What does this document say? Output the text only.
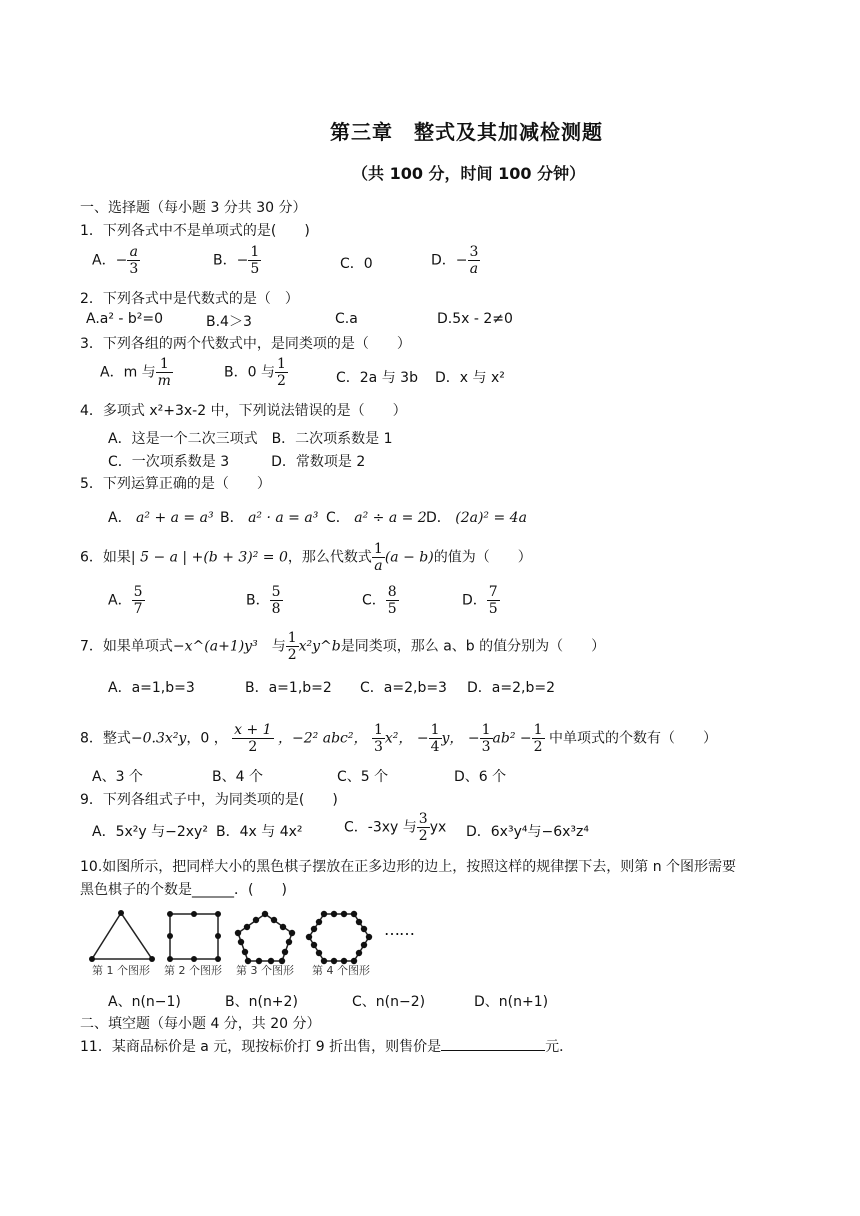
第三章　整式及其加减检测题
（共 100 分，时间 100 分钟）
一、选择题（每小题 3 分共 30 分）
1．下列各式中不是单项式的是(　　)
A．− $\frac{a}{3}$	B．− $\frac{1}{5}$	C．0	D．− $\frac{3}{a}$
2．下列各式中是代数式的是（　）
A.a² - b²=0	B.4＞3	C.a	D.5x - 2≠0
3．下列各组的两个代数式中，是同类项的是（　　）
A．m 与 $\frac{1}{m}$	B．0 与 $\frac{1}{2}$	C．2a 与 3b D．x 与 x²
4．多项式 x²+3x-2 中，下列说法错误的是（　　）
A．这是一个二次三项式　B．二次项系数是 1
C．一次项系数是 3　　　D．常数项是 2
5．下列运算正确的是（　　）
A． a² + a = a³ B． a² · a = a³ C． a² ÷ a = 2 D． (2a)² = 4a
6．如果| 5 − a | +(b + 3)² = 0，那么代数式 $\frac{1}{a} (a - b)$的值为（　　）
A． $\frac{5}{7}$	B． $\frac{5}{8}$	C． $\frac{8}{5}$	D． $\frac{7}{5}$
7．如果单项式−x^(a+1)y³　 与 $\frac{1}{2}$ x²y^b是同类项，那么 a、b 的值分别为（　　）
A．a=1,b=3	B．a=1,b=2 C．a=2,b=3 D．a=2,b=2
8．整式−0.3x²y，0 ， $\frac{x + 1}{2}$ ，−2² abc²， $\frac{1}{3} x^2$， − $\frac{1}{4}$ y， − $\frac{1}{3} ab^2 - \frac{1}{2}$ 中单项式的个数有（　　）
A、3 个	B、4 个	C、5 个	D、6 个
9．下列各组式子中，为同类项的是(　　)
A．5x²y 与−2xy² B．4x 与 4x²	C．-3xy 与 $\frac{3}{2}$ yx D．6x³y⁴与−6x³z⁴
10.如图所示，把同样大小的黑色棋子摆放在正多边形的边上，按照这样的规律摆下去，则第 n 个图形需要
黑色棋子的个数是______．(　　)
……
第 1 个图形 第 2 个图形 第 3 个图形 第 4 个图形
A、n(n−1)	B、n(n+2)	C、n(n−2)	D、n(n+1)
二、填空题（每小题 4 分，共 20 分）
11．某商品标价是 a 元，现按标价打 9 折出售，则售价是	元．
